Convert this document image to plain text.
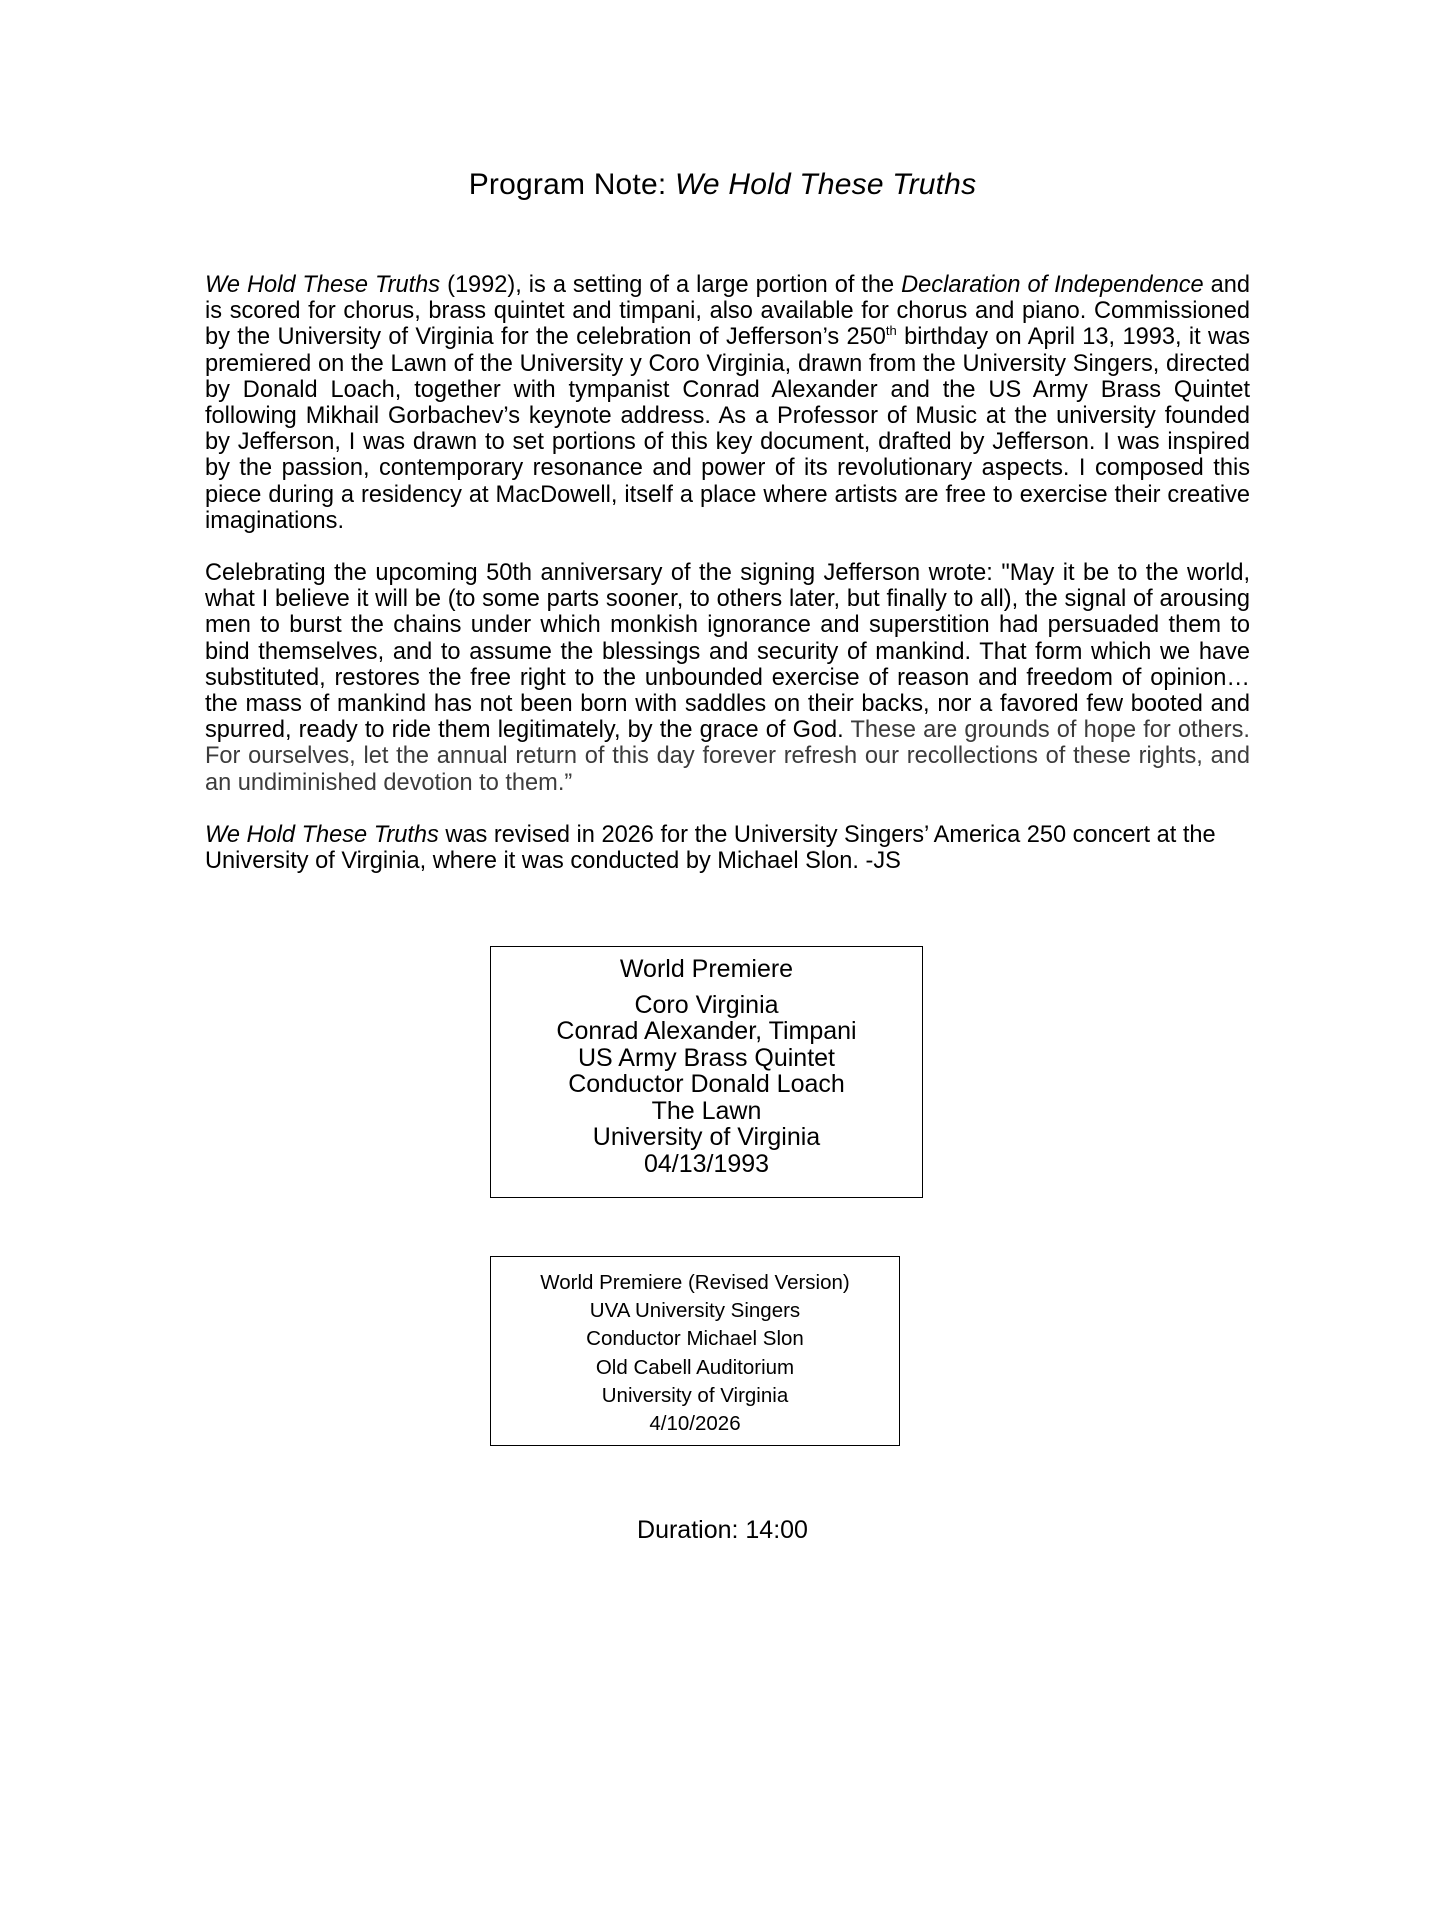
Program Note: We Hold These Truths
We Hold These Truths (1992), is a setting of a large portion of the Declaration of Independence and is scored for chorus, brass quintet and timpani, also available for chorus and piano. Commissioned by the University of Virginia for the celebration of Jefferson’s 250th birthday on April 13, 1993, it was premiered on the Lawn of the University y Coro Virginia, drawn from the University Singers, directed by Donald Loach, together with tympanist Conrad Alexander and the US Army Brass Quintet following Mikhail Gorbachev’s keynote address. As a Professor of Music at the university founded by Jefferson, I was drawn to set portions of this key document, drafted by Jefferson. I was inspired by the passion, contemporary resonance and power of its revolutionary aspects. I composed this piece during a residency at MacDowell, itself a place where artists are free to exercise their creative imaginations.
Celebrating the upcoming 50th anniversary of the signing Jefferson wrote: "May it be to the world, what I believe it will be (to some parts sooner, to others later, but finally to all), the signal of arousing men to burst the chains under which monkish ignorance and superstition had persuaded them to bind themselves, and to assume the blessings and security of mankind. That form which we have substituted, restores the free right to the unbounded exercise of reason and freedom of opinion…the mass of mankind has not been born with saddles on their backs, nor a favored few booted and spurred, ready to ride them legitimately, by the grace of God. These are grounds of hope for others. For ourselves, let the annual return of this day forever refresh our recollections of these rights, and an undiminished devotion to them.”
We Hold These Truths was revised in 2026 for the University Singers’ America 250 concert at the University of Virginia, where it was conducted by Michael Slon. -JS
World Premiere
Coro Virginia
Conrad Alexander, Timpani
US Army Brass Quintet
Conductor Donald Loach
The Lawn
University of Virginia
04/13/1993
World Premiere (Revised Version)
UVA University Singers
Conductor Michael Slon
Old Cabell Auditorium
University of Virginia
4/10/2026
Duration: 14:00
